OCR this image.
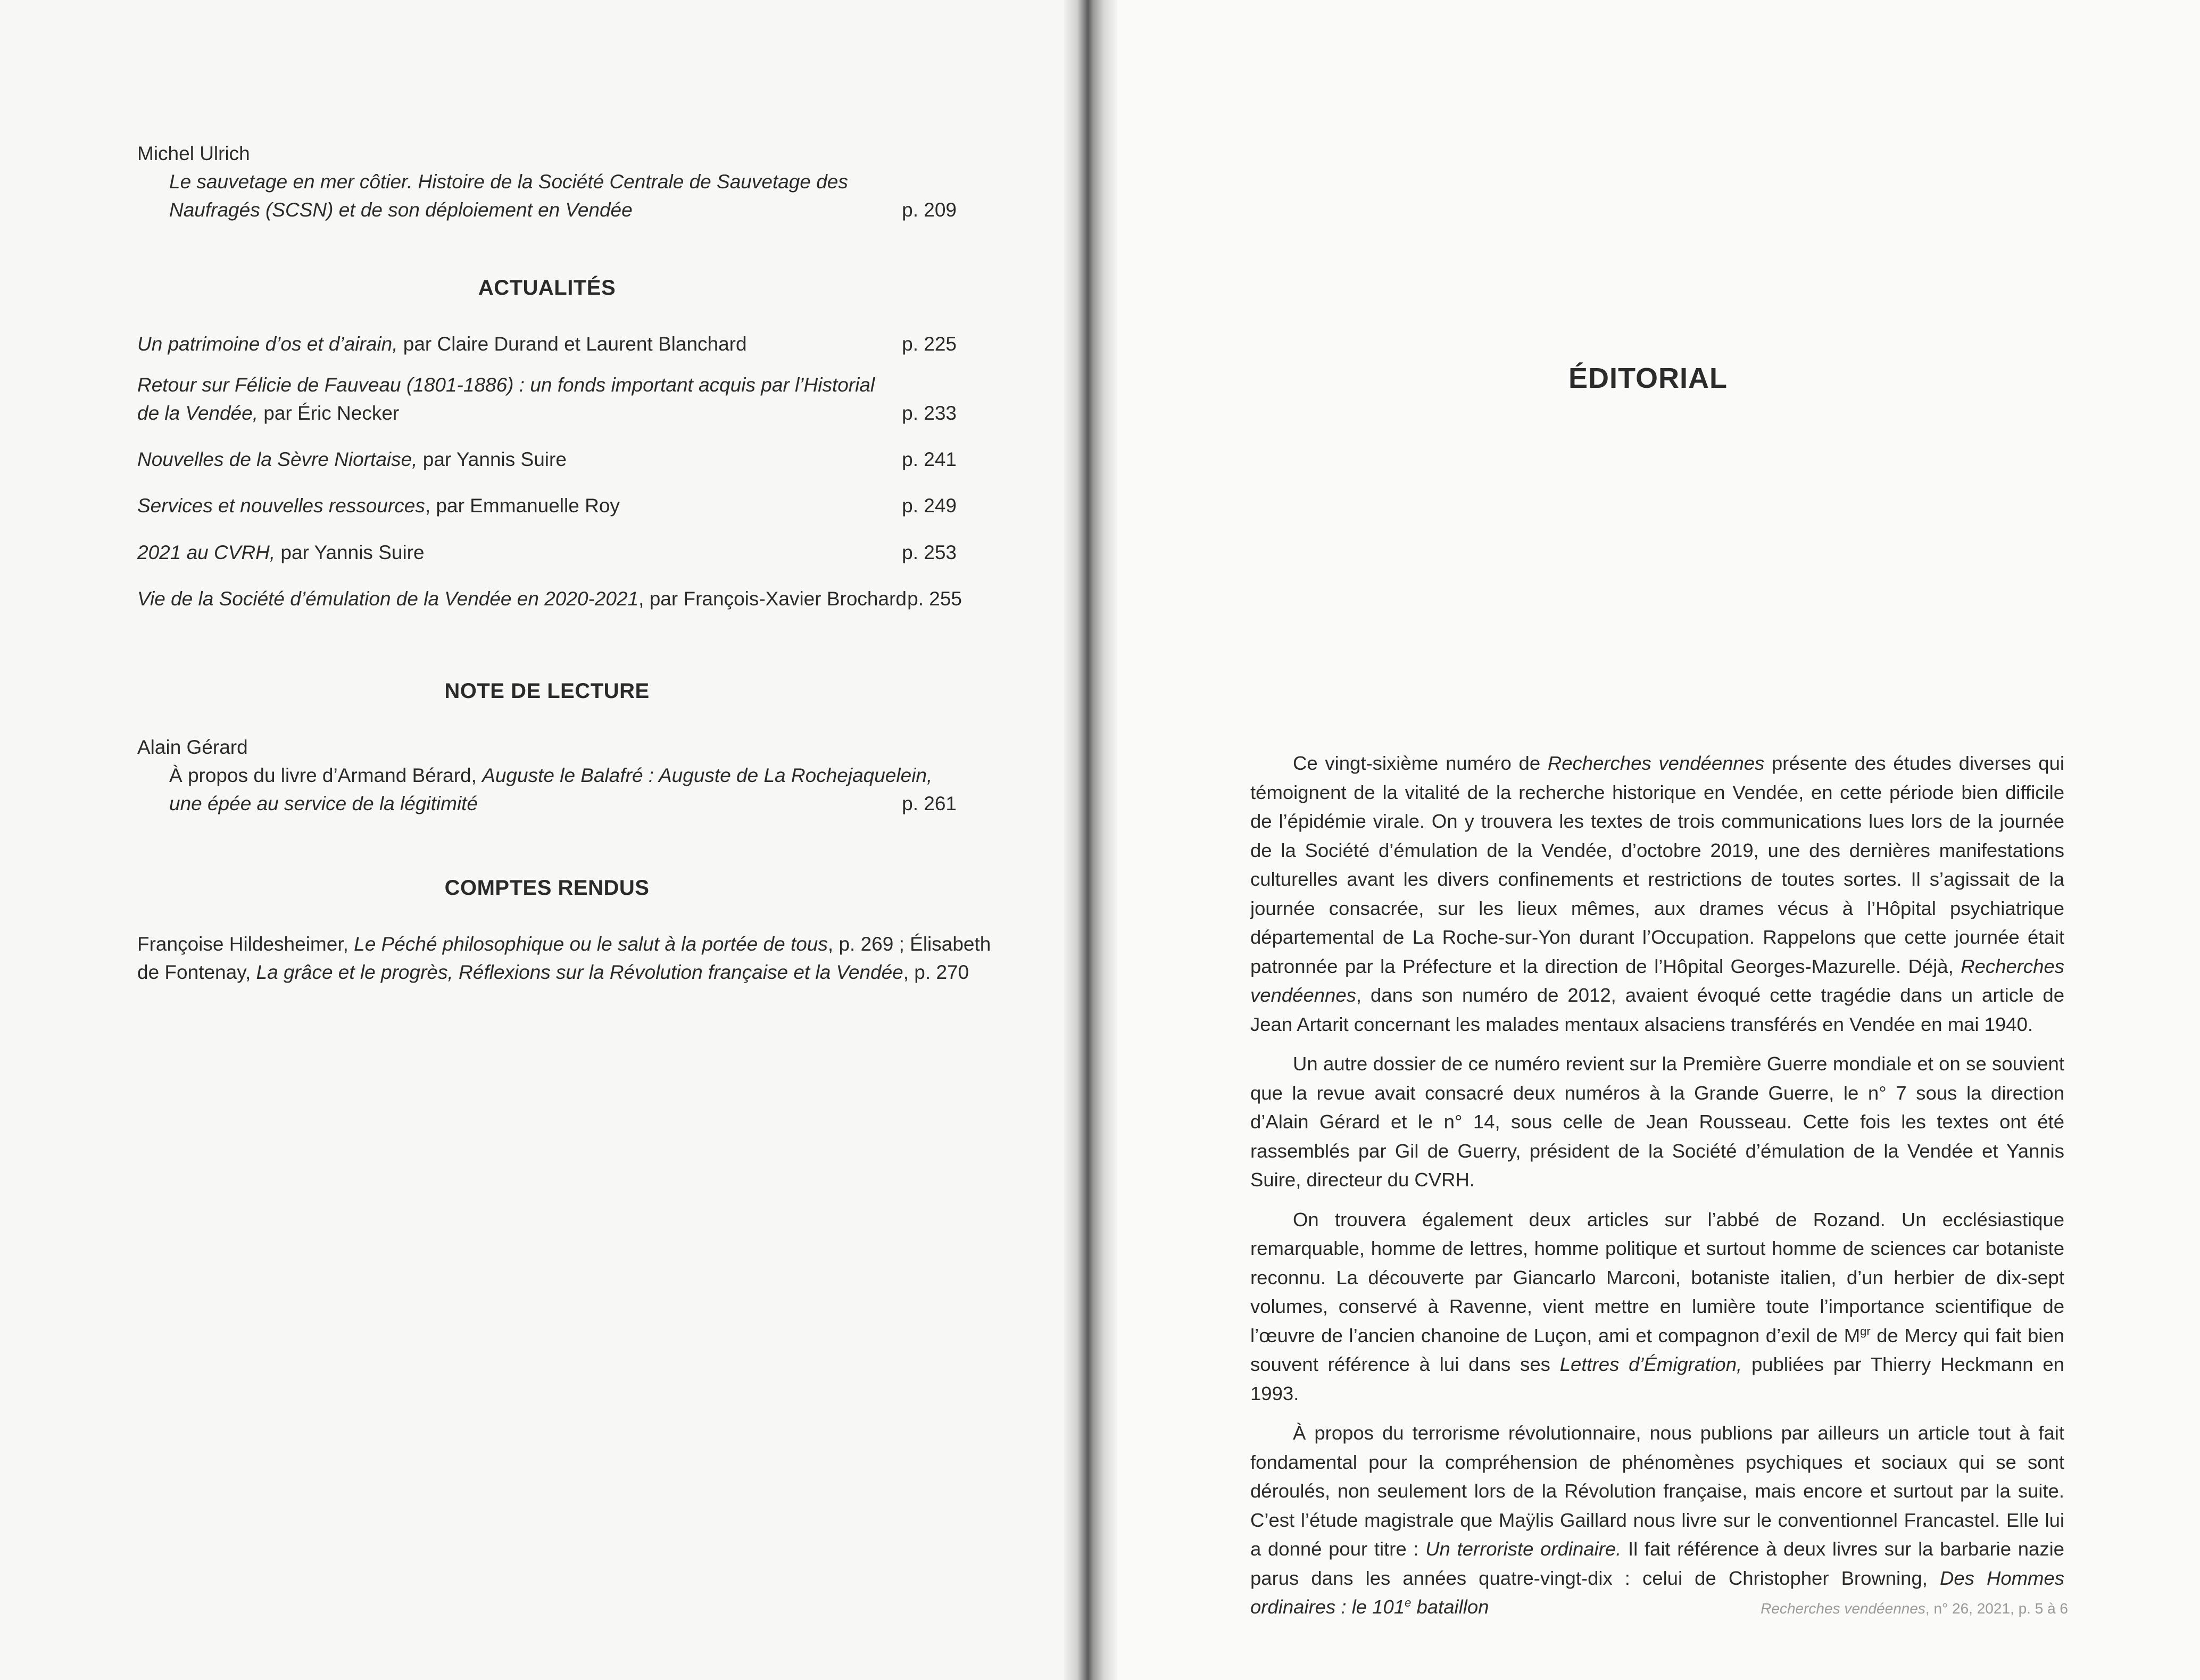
Michel Ulrich
Le sauvetage en mer côtier. Histoire de la Société Centrale de Sauvetage des
Naufragés (SCSN) et de son déploiement en Vendée	p. 209
ACTUALITÉS
Un patrimoine d’os et d’airain, par Claire Durand et Laurent Blanchard	p. 225
Retour sur Félicie de Fauveau (1801-1886) : un fonds important acquis par l’Historial
de la Vendée, par Éric Necker	p. 233
Nouvelles de la Sèvre Niortaise, par Yannis Suire	p. 241
Services et nouvelles ressources, par Emmanuelle Roy	p. 249
2021 au CVRH, par Yannis Suire	p. 253
Vie de la Société d’émulation de la Vendée en 2020-2021, par François-Xavier Brochard p. 255
NOTE DE LECTURE
Alain Gérard
À propos du livre d’Armand Bérard, Auguste le Balafré : Auguste de La Rochejaquelein,
une épée au service de la légitimité	p. 261
COMPTES RENDUS
Françoise Hildesheimer, Le Péché philosophique ou le salut à la portée de tous, p. 269 ; Élisabeth
de Fontenay, La grâce et le progrès, Réflexions sur la Révolution française et la Vendée, p. 270
ÉDITORIAL

Ce vingt-sixième numéro de Recherches vendéennes présente des études diverses qui témoignent de la vitalité de la recherche historique en Vendée, en cette période bien difficile de l’épidémie virale. On y trouvera les textes de trois communications lues lors de la journée de la Société d’émulation de la Vendée, d’octobre 2019, une des dernières manifestations culturelles avant les divers confinements et restrictions de toutes sortes. Il s’agissait de la journée consacrée, sur les lieux mêmes, aux drames vécus à l’Hôpital psychiatrique départemental de La Roche-sur-Yon durant l’Occupation. Rappelons que cette journée était patronnée par la Préfecture et la direction de l’Hôpital Georges-Mazurelle. Déjà, Recherches vendéennes, dans son numéro de 2012, avaient évoqué cette tragédie dans un article de Jean Artarit concernant les malades mentaux alsaciens transférés en Vendée en mai 1940.

Un autre dossier de ce numéro revient sur la Première Guerre mondiale et on se souvient que la revue avait consacré deux numéros à la Grande Guerre, le n° 7 sous la direction d’Alain Gérard et le n° 14, sous celle de Jean Rousseau. Cette fois les textes ont été rassemblés par Gil de Guerry, président de la Société d’émulation de la Vendée et Yannis Suire, directeur du CVRH.

On trouvera également deux articles sur l’abbé de Rozand. Un ecclésiastique remarquable, homme de lettres, homme politique et surtout homme de sciences car botaniste reconnu. La découverte par Giancarlo Marconi, botaniste italien, d’un herbier de dix-sept volumes, conservé à Ravenne, vient mettre en lumière toute l’importance scientifique de l’œuvre de l’ancien chanoine de Luçon, ami et compagnon d’exil de $M^{gr}$ de Mercy qui fait bien souvent référence à lui dans ses Lettres d’Émigration, publiées par Thierry Heckmann en 1993.

À propos du terrorisme révolutionnaire, nous publions par ailleurs un article tout à fait fondamental pour la compréhension de phénomènes psychiques et sociaux qui se sont déroulés, non seulement lors de la Révolution française, mais encore et surtout par la suite. C’est l’étude magistrale que Maÿlis Gaillard nous livre sur le conventionnel Francastel. Elle lui a donné pour titre : Un terroriste ordinaire. Il fait référence à deux livres sur la barbarie nazie parus dans les années quatre-vingt-dix : celui de Christopher Browning, Des Hommes ordinaires : le 101e bataillon	Recherches vendéennes, n° 26, 2021, p. 5 à 6
